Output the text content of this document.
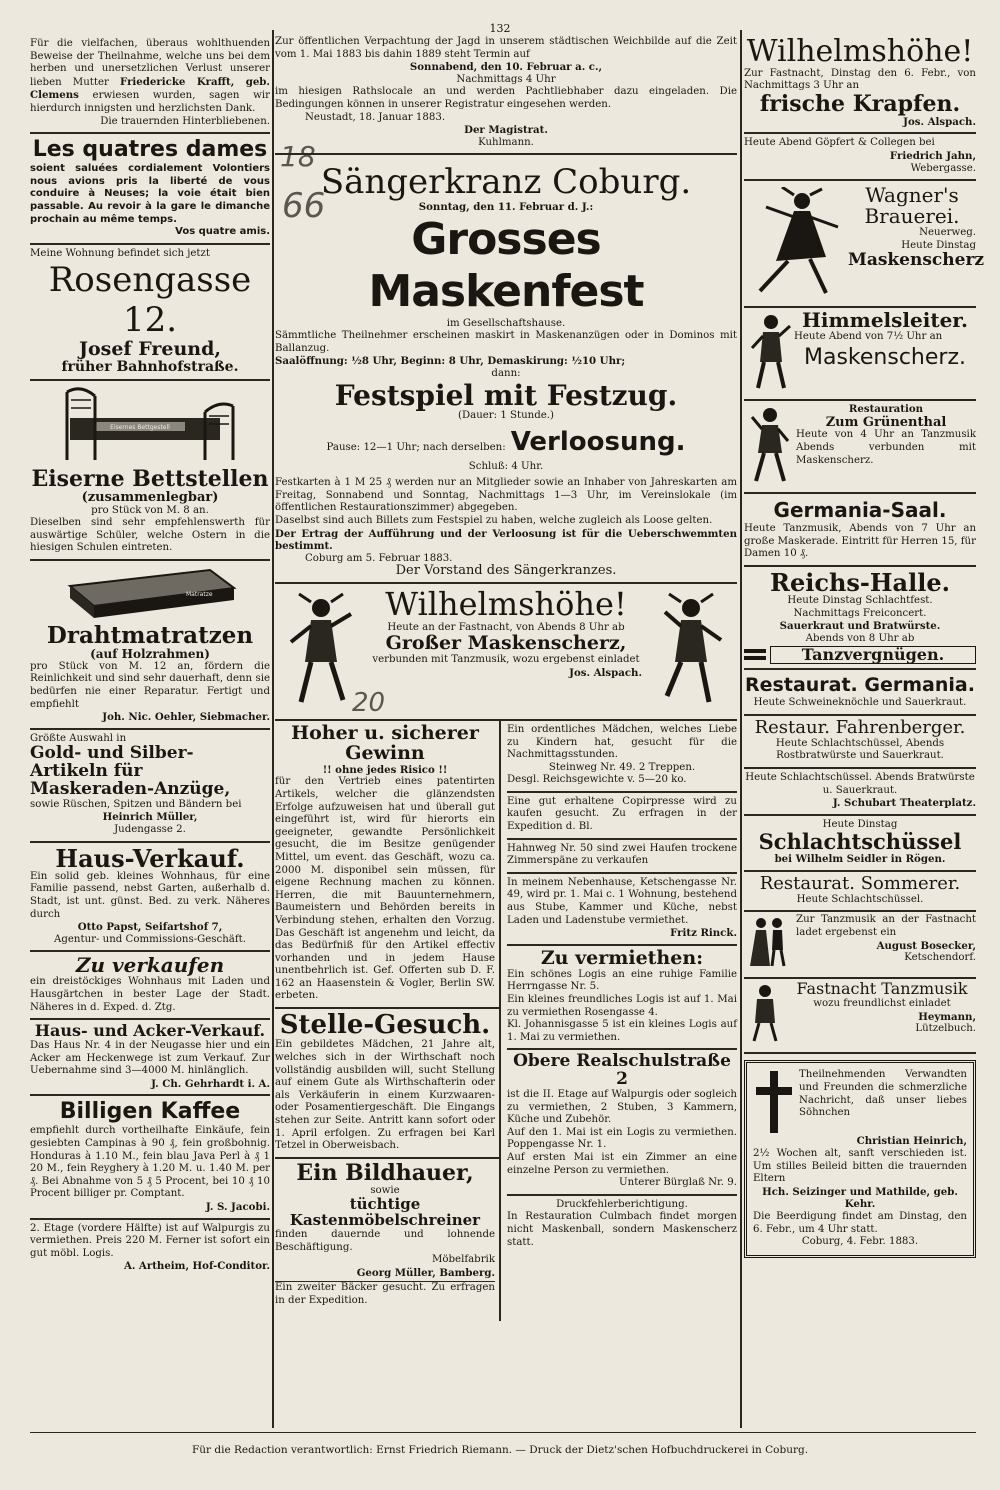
132
18
66
20
Für die vielfachen, überaus wohlthuenden Beweise der Theilnahme, welche uns bei dem herben und unersetzlichen Verlust unserer lieben Mutter Friedericke Krafft, geb. Clemens erwiesen wurden, sagen wir hierdurch innigsten und herzlichsten Dank.
Die trauernden Hinterbliebenen.
Les quatres dames
soient saluées cordialement Volontiers nous avions pris la liberté de vous conduire à Neuses; la voie était bien passable. Au revoir à la gare le dimanche prochain au même temps.
Vos quatre amis.
Meine Wohnung befindet sich jetzt
Rosengasse 12.
Josef Freund,
früher Bahnhofstraße.
Eisernes Bettgestell
Eiserne Bettstellen
(zusammenlegbar)
pro Stück von M. 8 an.
Dieselben sind sehr empfehlenswerth für auswärtige Schüler, welche Ostern in die hiesigen Schulen eintreten.
Matratze
Drahtmatratzen
(auf Holzrahmen)
pro Stück von M. 12 an, fördern die Reinlichkeit und sind sehr dauerhaft, denn sie bedürfen nie einer Reparatur. Fertigt und empfiehlt
Joh. Nic. Oehler, Siebmacher.
Größte Auswahl in
Gold- und Silber-Artikeln für Maskeraden-Anzüge,
sowie Rüschen, Spitzen und Bändern bei
Heinrich Müller,
Judengasse 2.
Haus-Verkauf.
Ein solid geb. kleines Wohnhaus, für eine Familie passend, nebst Garten, außerhalb d. Stadt, ist unt. günst. Bed. zu verk. Näheres durch
Otto Papst, Seifartshof 7,
Agentur- und Commissions-Geschäft.
Zu verkaufen
ein dreistöckiges Wohnhaus mit Laden und Hausgärtchen in bester Lage der Stadt. Näheres in d. Exped. d. Ztg.
Haus- und Acker-Verkauf.
Das Haus Nr. 4 in der Neugasse hier und ein Acker am Heckenwege ist zum Verkauf. Zur Uebernahme sind 3—4000 M. hinlänglich.
J. Ch. Gehrhardt i. A.
Billigen Kaffee
empfiehlt durch vortheilhafte Einkäufe, fein gesiebten Campinas à 90 ₰, fein großbohnig. Honduras à 1.10 M., fein blau Java Perl à ₰ 1 20 M., fein Reyghery à 1.20 M. u. 1.40 M. per ₰. Bei Abnahme von 5 ₰ 5 Procent, bei 10 ₰ 10 Procent billiger pr. Comptant.
J. S. Jacobi.
2. Etage (vordere Hälfte) ist auf Walpurgis zu vermiethen. Preis 220 M. Ferner ist sofort ein gut möbl. Logis.
A. Artheim, Hof-Conditor.
Zur öffentlichen Verpachtung der Jagd in unserem städtischen Weichbilde auf die Zeit vom 1. Mai 1883 bis dahin 1889 steht Termin auf
Sonnabend, den 10. Februar a. c.,
Nachmittags 4 Uhr
im hiesigen Rathslocale an und werden Pachtliebhaber dazu eingeladen. Die Bedingungen können in unserer Registratur eingesehen werden.
Neustadt, 18. Januar 1883.
Der Magistrat.
Kuhlmann.
Sängerkranz Coburg.
Sonntag, den 11. Februar d. J.:
Grosses Maskenfest
im Gesellschaftshause.
Sämmtliche Theilnehmer erscheinen maskirt in Maskenanzügen oder in Dominos mit Ballanzug.
Saalöffnung: ½8 Uhr, Beginn: 8 Uhr, Demaskirung: ½10 Uhr;
dann:
Festspiel mit Festzug.
(Dauer: 1 Stunde.)
Pause: 12—1 Uhr; nach derselben: Verloosung.
Schluß: 4 Uhr.
Festkarten à 1 M 25 ₰ werden nur an Mitglieder sowie an Inhaber von Jahreskarten am Freitag, Sonnabend und Sonntag, Nachmittags 1—3 Uhr, im Vereinslokale (im öffentlichen Restaurationszimmer) abgegeben.
Daselbst sind auch Billets zum Festspiel zu haben, welche zugleich als Loose gelten.
Der Ertrag der Aufführung und der Verloosung ist für die Ueberschwemmten bestimmt.
Coburg am 5. Februar 1883.
Der Vorstand des Sängerkranzes.
Wilhelmshöhe!
Heute an der Fastnacht, von Abends 8 Uhr ab
Großer Maskenscherz,
verbunden mit Tanzmusik, wozu ergebenst einladet
Jos. Alspach.
Hoher u. sicherer Gewinn
!! ohne jedes Risico !!
für den Vertrieb eines patentirten Artikels, welcher die glänzendsten Erfolge aufzuweisen hat und überall gut eingeführt ist, wird für hierorts ein geeigneter, gewandte Persönlichkeit gesucht, die im Besitze genügender Mittel, um event. das Geschäft, wozu ca. 2000 M. disponibel sein müssen, für eigene Rechnung machen zu können. Herren, die mit Bauunternehmern, Baumeistern und Behörden bereits in Verbindung stehen, erhalten den Vorzug. Das Geschäft ist angenehm und leicht, da das Bedürfniß für den Artikel effectiv vorhanden und in jedem Hause unentbehrlich ist. Gef. Offerten sub D. F. 162 an Haasenstein & Vogler, Berlin SW. erbeten.
Stelle-Gesuch.
Ein gebildetes Mädchen, 21 Jahre alt, welches sich in der Wirthschaft noch vollständig ausbilden will, sucht Stellung auf einem Gute als Wirthschafterin oder als Verkäuferin in einem Kurzwaaren- oder Posamentiergeschäft. Die Eingangs stehen zur Seite. Antritt kann sofort oder 1. April erfolgen. Zu erfragen bei Karl Tetzel in Oberweisbach.
Ein Bildhauer,
sowie
tüchtige Kastenmöbelschreiner
finden dauernde und lohnende Beschäftigung.
Möbelfabrik
Georg Müller, Bamberg.
Ein zweiter Bäcker gesucht. Zu erfragen in der Expedition.
Ein ordentliches Mädchen, welches Liebe zu Kindern hat, gesucht für die Nachmittagsstunden.
Steinweg Nr. 49. 2 Treppen.
Desgl. Reichsgewichte v. 5—20 ko.
Eine gut erhaltene Copirpresse wird zu kaufen gesucht. Zu erfragen in der Expedition d. Bl.
Hahnweg Nr. 50 sind zwei Haufen trockene Zimmerspäne zu verkaufen
In meinem Nebenhause, Ketschengasse Nr. 49, wird pr. 1. Mai c. 1 Wohnung, bestehend aus Stube, Kammer und Küche, nebst Laden und Ladenstube vermiethet.
Fritz Rinck.
Zu vermiethen:
Ein schönes Logis an eine ruhige Familie Herrngasse Nr. 5.
Ein kleines freundliches Logis ist auf 1. Mai zu vermiethen Rosengasse 4.
Kl. Johannisgasse 5 ist ein kleines Logis auf 1. Mai zu vermiethen.
Obere Realschulstraße 2
ist die II. Etage auf Walpurgis oder sogleich zu vermiethen, 2 Stuben, 3 Kammern, Küche und Zubehör.
Auf den 1. Mai ist ein Logis zu vermiethen. Poppengasse Nr. 1.
Auf ersten Mai ist ein Zimmer an eine einzelne Person zu vermiethen.
Unterer Bürglaß Nr. 9.
Druckfehlerberichtigung.
In Restauration Culmbach findet morgen nicht Maskenball, sondern Maskenscherz statt.
Wilhelmshöhe!
Zur Fastnacht, Dinstag den 6. Febr., von Nachmittags 3 Uhr an
frische Krapfen.
Jos. Alspach.
Heute Abend Göpfert & Collegen bei
Friedrich Jahn,
Webergasse.
Wagner's Brauerei.
Neuerweg.
Heute Dinstag
Maskenscherz
Himmelsleiter.
Heute Abend von 7½ Uhr an
Maskenscherz.
Restauration
Zum Grünenthal
Heute von 4 Uhr an Tanzmusik Abends verbunden mit Maskenscherz.
Germania-Saal.
Heute Tanzmusik, Abends von 7 Uhr an große Maskerade. Eintritt für Herren 15, für Damen 10 ₰.
Reichs-Halle.
Heute Dinstag Schlachtfest.
Nachmittags Freiconcert.
Sauerkraut und Bratwürste.
Abends von 8 Uhr ab
Tanzvergnügen.
Restaurat. Germania.
Heute Schweineknöchle und Sauerkraut.
Restaur. Fahrenberger.
Heute Schlachtschüssel, Abends Rostbratwürste und Sauerkraut.
Heute Schlachtschüssel. Abends Bratwürste u. Sauerkraut.
J. Schubart Theaterplatz.
Heute Dinstag
Schlachtschüssel
bei Wilhelm Seidler in Rögen.
Restaurat. Sommerer.
Heute Schlachtschüssel.
Zur Tanzmusik an der Fastnacht ladet ergebenst ein
August Bosecker,
Ketschendorf.
Fastnacht Tanzmusik
wozu freundlichst einladet
Heymann,
Lützelbuch.
Theilnehmenden Verwandten und Freunden die schmerzliche Nachricht, daß unser liebes Söhnchen
Christian Heinrich,
2½ Wochen alt, sanft verschieden ist. Um stilles Beileid bitten die trauernden Eltern
Hch. Seizinger und Mathilde, geb. Kehr.
Die Beerdigung findet am Dinstag, den 6. Febr., um 4 Uhr statt.
Coburg, 4. Febr. 1883.
Für die Redaction verantwortlich: Ernst Friedrich Riemann. — Druck der Dietz'schen Hofbuchdruckerei in Coburg.
